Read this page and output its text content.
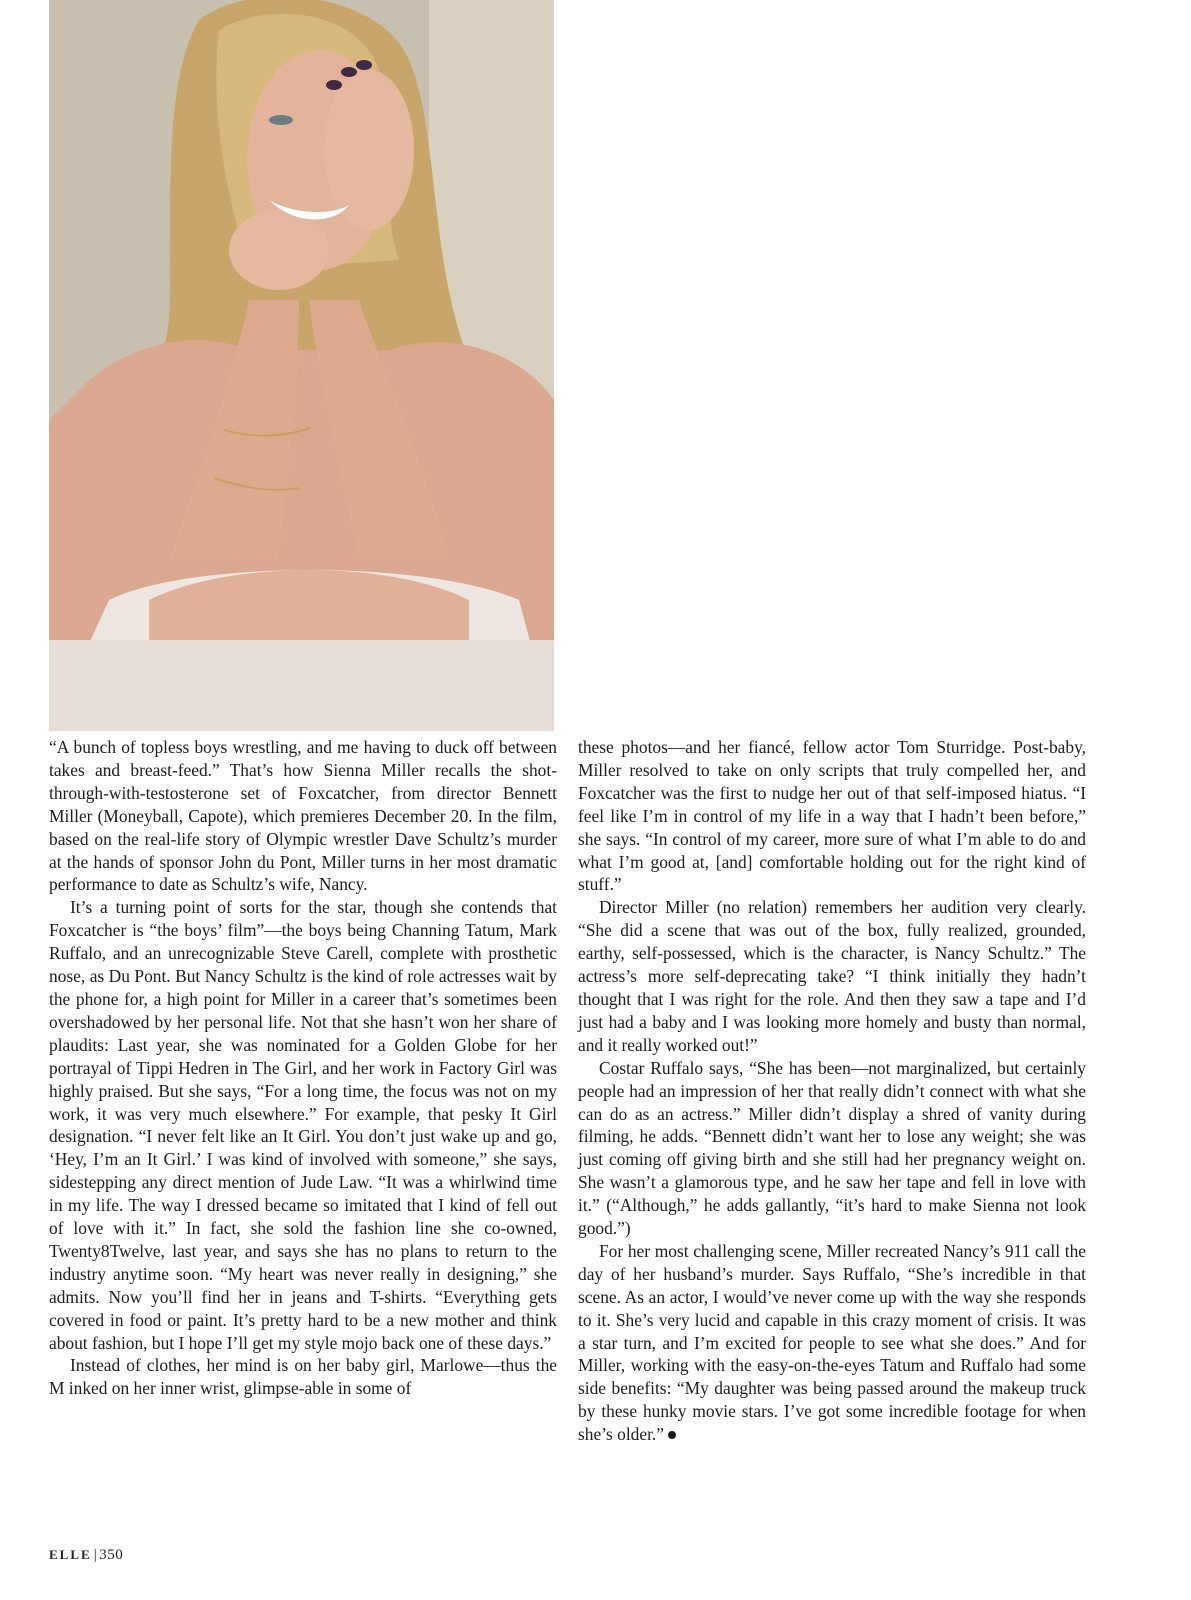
“A bunch of topless boys wrestling, and me having to duck off between takes and breast-feed.” That’s how Sienna Miller recalls the shot-through-with-testosterone set of Foxcatcher, from director Bennett Miller (Moneyball, Capote), which premieres December 20. In the film, based on the real-life story of Olympic wrestler Dave Schultz’s murder at the hands of sponsor John du Pont, Miller turns in her most dramatic performance to date as Schultz’s wife, Nancy.

It’s a turning point of sorts for the star, though she contends that Foxcatcher is “the boys’ film”—the boys being Channing Tatum, Mark Ruffalo, and an unrecognizable Steve Carell, complete with prosthetic nose, as Du Pont. But Nancy Schultz is the kind of role actresses wait by the phone for, a high point for Miller in a career that’s sometimes been overshadowed by her personal life. Not that she hasn’t won her share of plaudits: Last year, she was nominated for a Golden Globe for her portrayal of Tippi Hedren in The Girl, and her work in Factory Girl was highly praised. But she says, “For a long time, the focus was not on my work, it was very much elsewhere.” For example, that pesky It Girl designation. “I never felt like an It Girl. You don’t just wake up and go, ‘Hey, I’m an It Girl.’ I was kind of involved with someone,” she says, sidestepping any direct mention of Jude Law. “It was a whirlwind time in my life. The way I dressed became so imitated that I kind of fell out of love with it.” In fact, she sold the fashion line she co-owned, Twenty8Twelve, last year, and says she has no plans to return to the industry anytime soon. “My heart was never really in designing,” she admits. Now you’ll find her in jeans and T-shirts. “Everything gets covered in food or paint. It’s pretty hard to be a new mother and think about fashion, but I hope I’ll get my style mojo back one of these days.”

Instead of clothes, her mind is on her baby girl, Marlowe—thus the M inked on her inner wrist, glimpse-able in some of

these photos—and her fiancé, fellow actor Tom Sturridge. Post-baby, Miller resolved to take on only scripts that truly compelled her, and Foxcatcher was the first to nudge her out of that self-imposed hiatus. “I feel like I’m in control of my life in a way that I hadn’t been before,” she says. “In control of my career, more sure of what I’m able to do and what I’m good at, [and] comfortable holding out for the right kind of stuff.”

Director Miller (no relation) remembers her audition very clearly. “She did a scene that was out of the box, fully realized, grounded, earthy, self-possessed, which is the character, is Nancy Schultz.” The actress’s more self-deprecating take? “I think initially they hadn’t thought that I was right for the role. And then they saw a tape and I’d just had a baby and I was looking more homely and busty than normal, and it really worked out!”

Costar Ruffalo says, “She has been—not marginalized, but certainly people had an impression of her that really didn’t connect with what she can do as an actress.” Miller didn’t display a shred of vanity during filming, he adds. “Bennett didn’t want her to lose any weight; she was just coming off giving birth and she still had her pregnancy weight on. She wasn’t a glamorous type, and he saw her tape and fell in love with it.” (“Although,” he adds gallantly, “it’s hard to make Sienna not look good.”)

For her most challenging scene, Miller recreated Nancy’s 911 call the day of her husband’s murder. Says Ruffalo, “She’s incredible in that scene. As an actor, I would’ve never come up with the way she responds to it. She’s very lucid and capable in this crazy moment of crisis. It was a star turn, and I’m excited for people to see what she does.” And for Miller, working with the easy-on-the-eyes Tatum and Ruffalo had some side benefits: “My daughter was being passed around the makeup truck by these hunky movie stars. I’ve got some incredible footage for when she’s older.”

ELLE | 350
